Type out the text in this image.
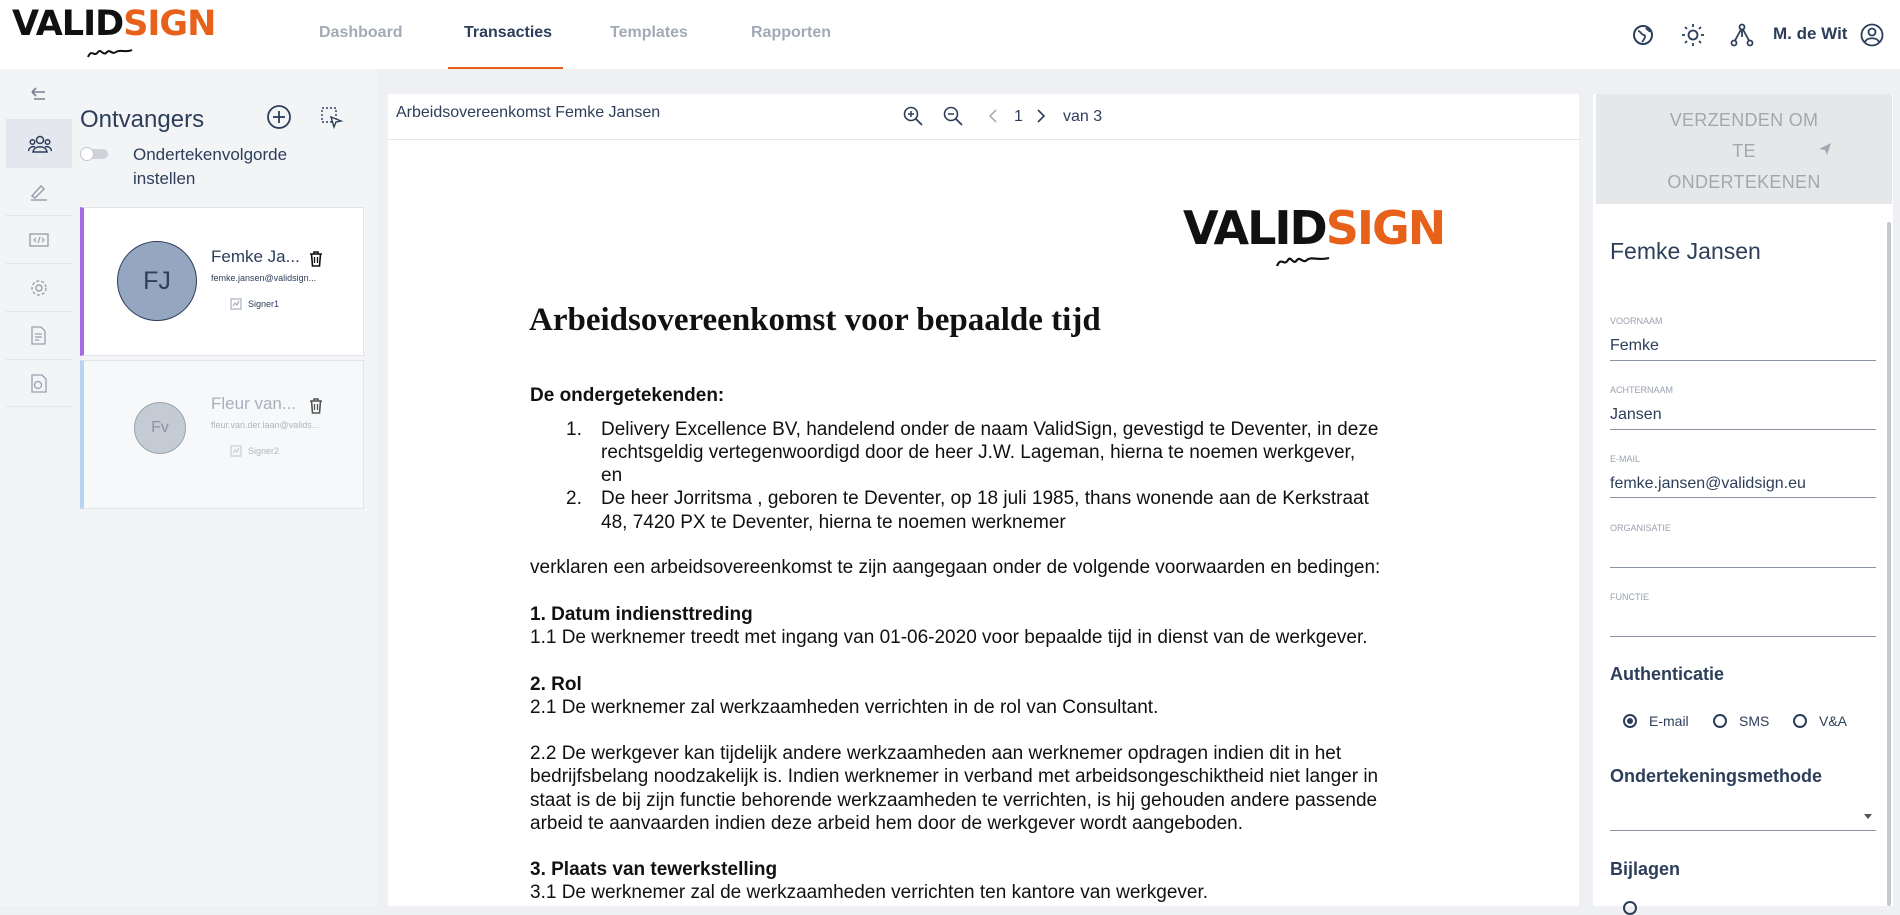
VALIDSIGN	Dashboard	Transacties	Templates	Rapporten	M. de Wit
Ontvangers
Ondertekenvolgorde instellen
FJ
Femke Ja...
femke.jansen@validsign...
Signer1
Fv
Fleur van...
fleur.van.der.laan@valids...
Signer2
Arbeidsovereenkomst Femke Jansen	1	van 3
VALIDSIGN
Arbeidsovereenkomst voor bepaalde tijd
De ondergetekenden:
1. Delivery Excellence BV, handelend onder de naam ValidSign, gevestigd te Deventer, in deze
rechtsgeldig vertegenwoordigd door de heer J.W. Lageman, hierna te noemen werkgever,
en
2. De heer Jorritsma , geboren te Deventer, op 18 juli 1985, thans wonende aan de Kerkstraat
48, 7420 PX te Deventer, hierna te noemen werknemer
verklaren een arbeidsovereenkomst te zijn aangegaan onder de volgende voorwaarden en bedingen:
1. Datum indiensttreding
1.1 De werknemer treedt met ingang van 01-06-2020 voor bepaalde tijd in dienst van de werkgever.
2. Rol
2.1 De werknemer zal werkzaamheden verrichten in de rol van Consultant.
2.2 De werkgever kan tijdelijk andere werkzaamheden aan werknemer opdragen indien dit in het
bedrijfsbelang noodzakelijk is. Indien werknemer in verband met arbeidsongeschiktheid niet langer in
staat is de bij zijn functie behorende werkzaamheden te verrichten, is hij gehouden andere passende
arbeid te aanvaarden indien deze arbeid hem door de werkgever wordt aangeboden.
3. Plaats van tewerkstelling
3.1 De werknemer zal de werkzaamheden verrichten ten kantore van werkgever.
VERZENDEN OM
TE
ONDERTEKENEN
Femke Jansen
VOORNAAM
Femke
ACHTERNAAM
Jansen
E-MAIL
femke.jansen@validsign.eu
ORGANISATIE
FUNCTIE
Authenticatie
E-mail	SMS	V&A
Ondertekeningsmethode
Bijlagen
